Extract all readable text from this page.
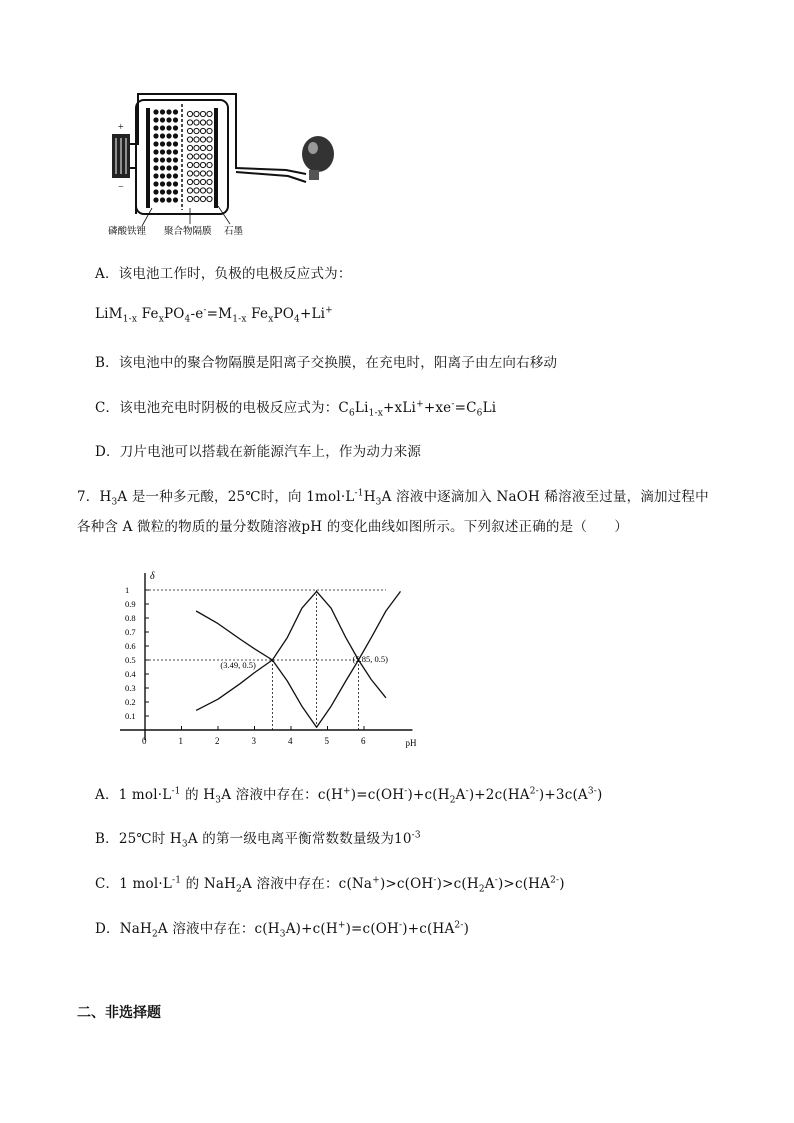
+
−
磷酸铁锂 聚合物隔膜 石墨
A．该电池工作时，负极的电极反应式为：
LiM$_{1-x}$ $Fe_xPO_4-e^-=M_{1-x}$ $Fe_xPO_4+Li^+$
B．该电池中的聚合物隔膜是阳离子交换膜，在充电时，阳离子由左向右移动
C．该电池充电时阴极的电极反应式为：$C_6Li_{1-x}+xLi^++xe^-=C_6Li$
D．刀片电池可以搭载在新能源汽车上，作为动力来源
7．$H_3A$ 是一种多元酸，25℃时，向 $1mol\cdot L^{-1}H_3A$ 溶液中逐滴加入 NaOH 稀溶液至过量，滴加过程中
各种含 A 微粒的物质的量分数随溶液pH 的变化曲线如图所示。下列叙述正确的是（　　）
0	1	2	3	4	5	6
0.1
0.2
0.3
0.4
0.5
0.6
0.7
0.8
0.9
1
pH
δ
(3.49, 0.5)
(5.85, 0.5)
A．1 $mol\cdot L^{-1}$ 的 $H_3A$ 溶液中存在：$c(H^+)=c(OH^-)+c(H_2A^-)+2c(HA^{2-})+3c(A^{3-})$
B．25℃时 $H_3A$ 的第一级电离平衡常数数量级为$10^{-3}$
C．1 $mol\cdot L^{-1}$ 的 NaH$_2$A 溶液中存在：$c(Na^+)>c(OH^-)>c(H_2A^-)>c(HA^{2-})$
D．NaH$_2$A 溶液中存在：$c(H_3A)+c(H^+)=c(OH^-)+c(HA^{2-})$
二、非选择题
